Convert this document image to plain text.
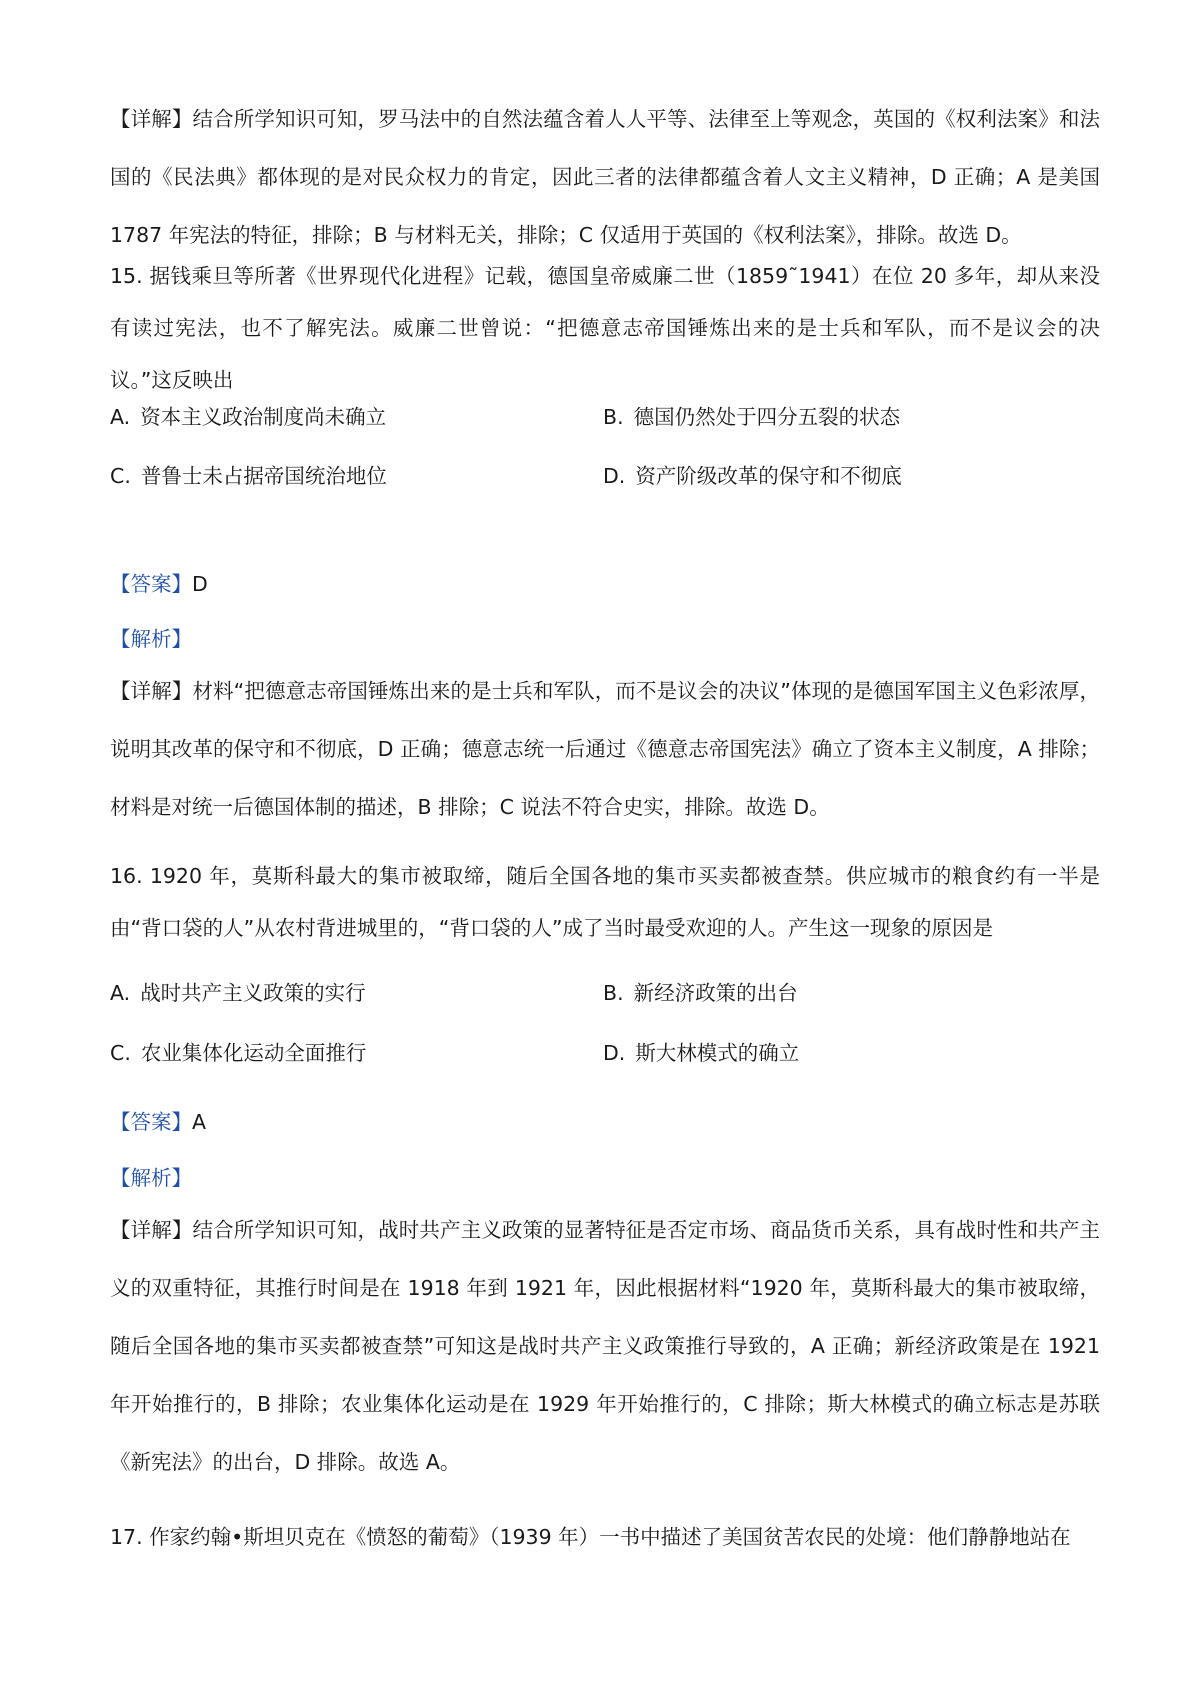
【详解】结合所学知识可知，罗马法中的自然法蕴含着人人平等、法律至上等观念，英国的《权利法案》和法国的《民法典》都体现的是对民众权力的肯定，因此三者的法律都蕴含着人文主义精神，D 正确；A 是美国 1787 年宪法的特征，排除；B 与材料无关，排除；C 仅适用于英国的《权利法案》，排除。故选 D。
15. 据钱乘旦等所著《世界现代化进程》记载，德国皇帝威廉二世（1859˜1941）在位 20 多年，却从来没有读过宪法，也不了解宪法。威廉二世曾说：“把德意志帝国锤炼出来的是士兵和军队，而不是议会的决议。”这反映出
A. 资本主义政治制度尚未确立	B. 德国仍然处于四分五裂的状态
C. 普鲁士未占据帝国统治地位	D. 资产阶级改革的保守和不彻底
【答案】D
【解析】
【详解】材料“把德意志帝国锤炼出来的是士兵和军队，而不是议会的决议”体现的是德国军国主义色彩浓厚，说明其改革的保守和不彻底，D 正确；德意志统一后通过《德意志帝国宪法》确立了资本主义制度，A 排除；材料是对统一后德国体制的描述，B 排除；C 说法不符合史实，排除。故选 D。
16. 1920 年，莫斯科最大的集市被取缔，随后全国各地的集市买卖都被查禁。供应城市的粮食约有一半是由“背口袋的人”从农村背进城里的，“背口袋的人”成了当时最受欢迎的人。产生这一现象的原因是
A. 战时共产主义政策的实行	B. 新经济政策的出台
C. 农业集体化运动全面推行	D. 斯大林模式的确立
【答案】A
【解析】
【详解】结合所学知识可知，战时共产主义政策的显著特征是否定市场、商品货币关系，具有战时性和共产主义的双重特征，其推行时间是在 1918 年到 1921 年，因此根据材料“1920 年，莫斯科最大的集市被取缔，随后全国各地的集市买卖都被查禁”可知这是战时共产主义政策推行导致的，A 正确；新经济政策是在 1921 年开始推行的，B 排除；农业集体化运动是在 1929 年开始推行的，C 排除；斯大林模式的确立标志是苏联《新宪法》的出台，D 排除。故选 A。
17. 作家约翰•斯坦贝克在《愤怒的葡萄》（1939 年）一书中描述了美国贫苦农民的处境：他们静静地站在
